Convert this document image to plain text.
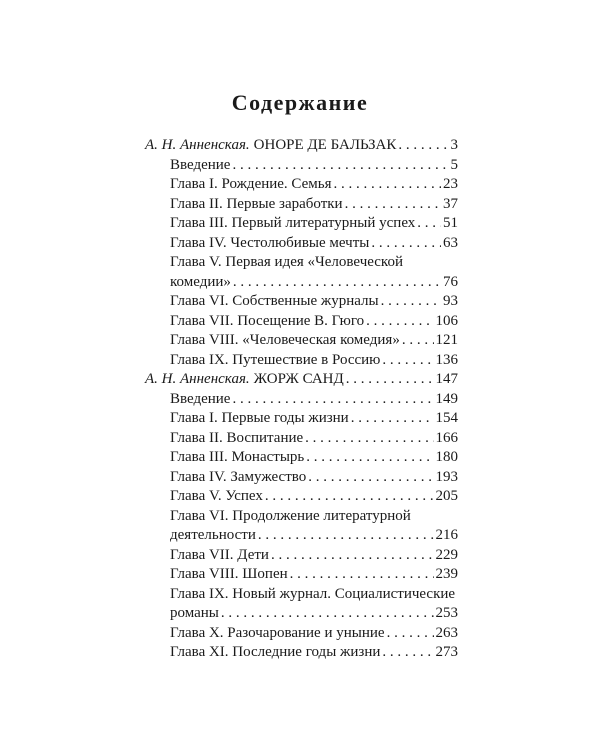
Содержание
А. Н. Анненская. ОНОРЕ ДЕ БАЛЬЗАК . . .	3
Введение . . .	5
Глава I. Рождение. Семья . . .	23
Глава II. Первые заработки . . .	37
Глава III. Первый литературный успех . . . 51
Глава IV. Честолюбивые мечты . . .	63
Глава V. Первая идея «Человеческой
комедии» . . .	76
Глава VI. Собственные журналы . . .	93
Глава VII. Посещение В. Гюго . . .	106
Глава VIII. «Человеческая комедия» . . . 121
Глава IX. Путешествие в Россию . . .	136
А. Н. Анненская. ЖОРЖ САНД . . .	147
Введение . . .	149
Глава I. Первые годы жизни . . .	154
Глава II. Воспитание . . .	166
Глава III. Монастырь . . .	180
Глава IV. Замужество . . .	193
Глава V. Успех . . .	205
Глава VI. Продолжение литературной
деятельности . . .	216
Глава VII. Дети . . .	229
Глава VIII. Шопен . . .	239
Глава IX. Новый журнал. Социалистические
романы . . .	253
Глава X. Разочарование и уныние . . .	263
Глава XI. Последние годы жизни . . .	273
